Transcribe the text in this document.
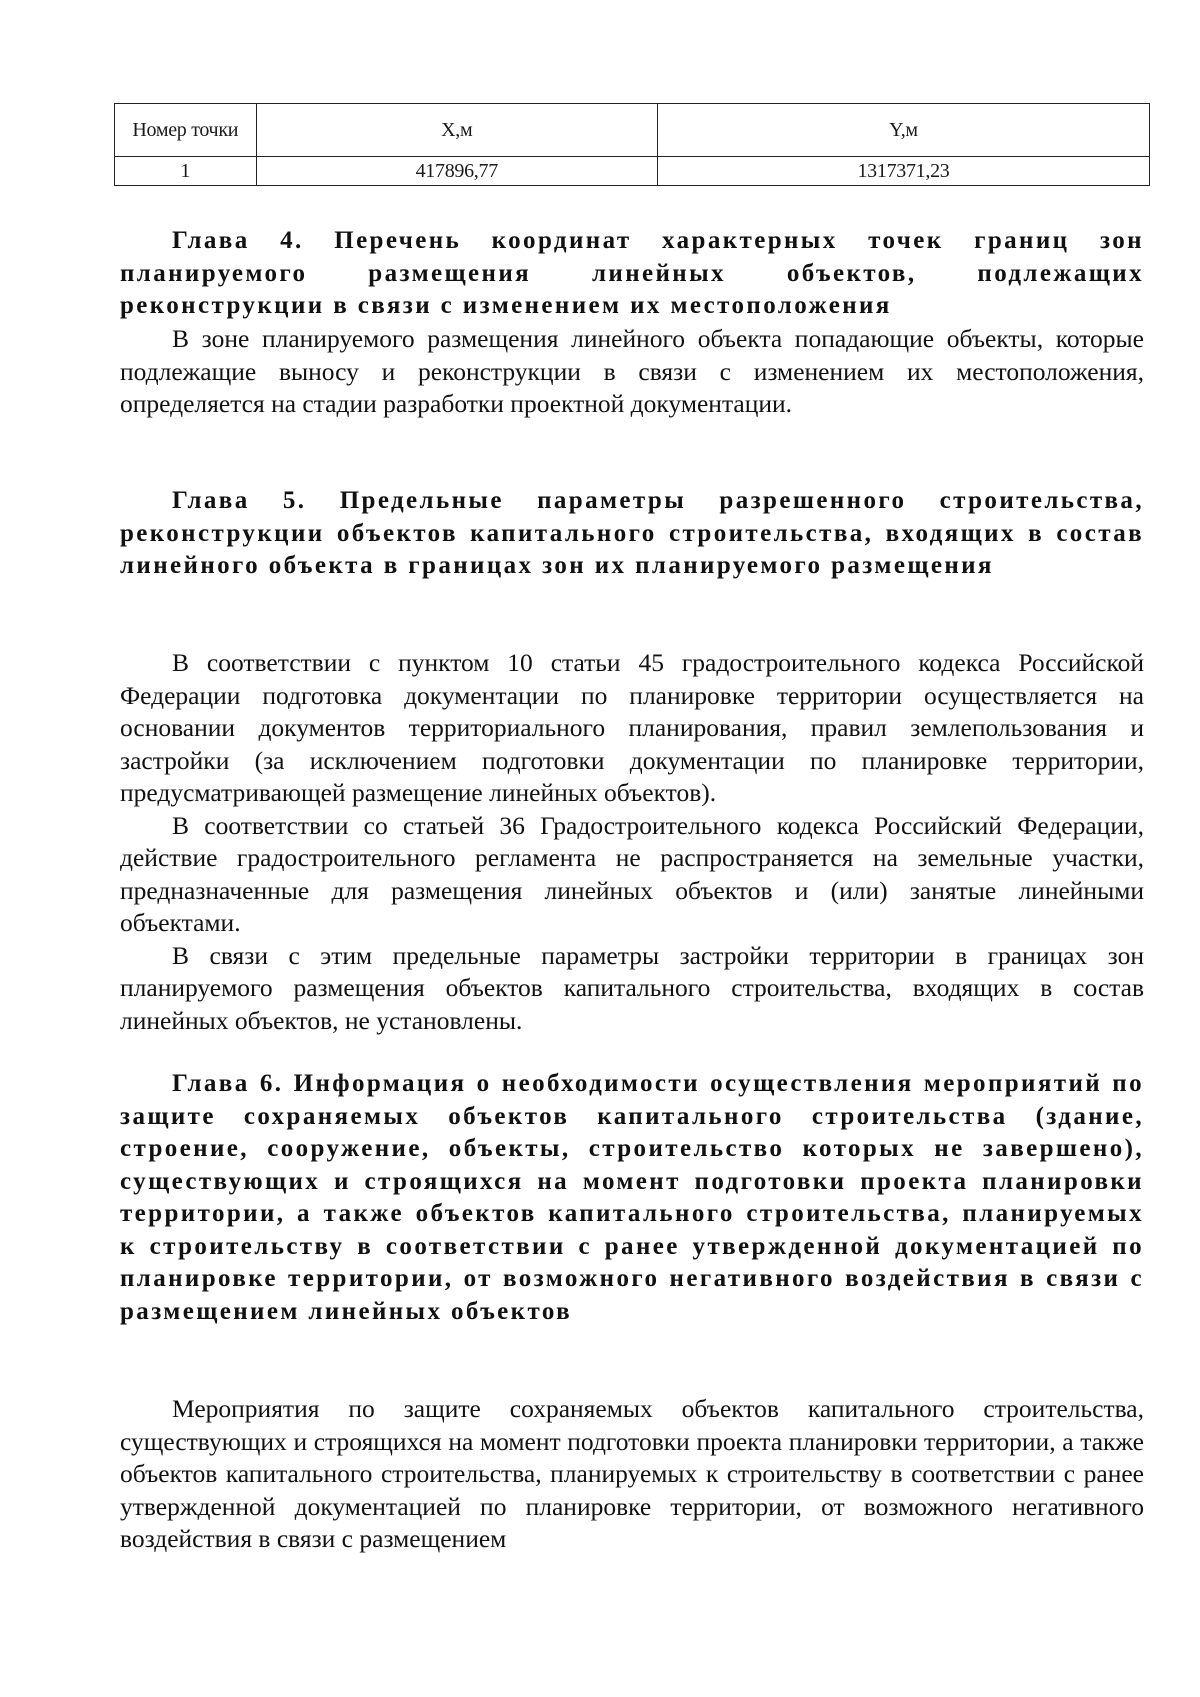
Номер точки	X,м	Y,м
1	417896,77	1317371,23

Глава 4. Перечень координат характерных точек границ зон планируемого размещения линейных объектов, подлежащих реконструкции в связи с изменением их местоположения

В зоне планируемого размещения линейного объекта попадающие объекты, которые подлежащие выносу и реконструкции в связи с изменением их местоположения, определяется на стадии разработки проектной документации.

Глава 5. Предельные параметры разрешенного строительства, реконструкции объектов капитального строительства, входящих в состав линейного объекта в границах зон их планируемого размещения

В соответствии с пунктом 10 статьи 45 градостроительного кодекса Российской Федерации подготовка документации по планировке территории осуществляется на основании документов территориального планирования, правил землепользования и застройки (за исключением подготовки документации по планировке территории, предусматривающей размещение линейных объектов).

В соответствии со статьей 36 Градостроительного кодекса Российский Федерации, действие градостроительного регламента не распространяется на земельные участки, предназначенные для размещения линейных объектов и (или) занятые линейными объектами.

В связи с этим предельные параметры застройки территории в границах зон планируемого размещения объектов капитального строительства, входящих в состав линейных объектов, не установлены.

Глава 6. Информация о необходимости осуществления мероприятий по защите сохраняемых объектов капитального строительства (здание, строение, сооружение, объекты, строительство которых не завершено), существующих и строящихся на момент подготовки проекта планировки территории, а также объектов капитального строительства, планируемых к строительству в соответствии с ранее утвержденной документацией по планировке территории, от возможного негативного воздействия в связи с размещением линейных объектов

Мероприятия по защите сохраняемых объектов капитального строительства, существующих и строящихся на момент подготовки проекта планировки территории, а также объектов капитального строительства, планируемых к строительству в соответствии с ранее утвержденной документацией по планировке территории, от возможного негативного воздействия в связи с размещением
